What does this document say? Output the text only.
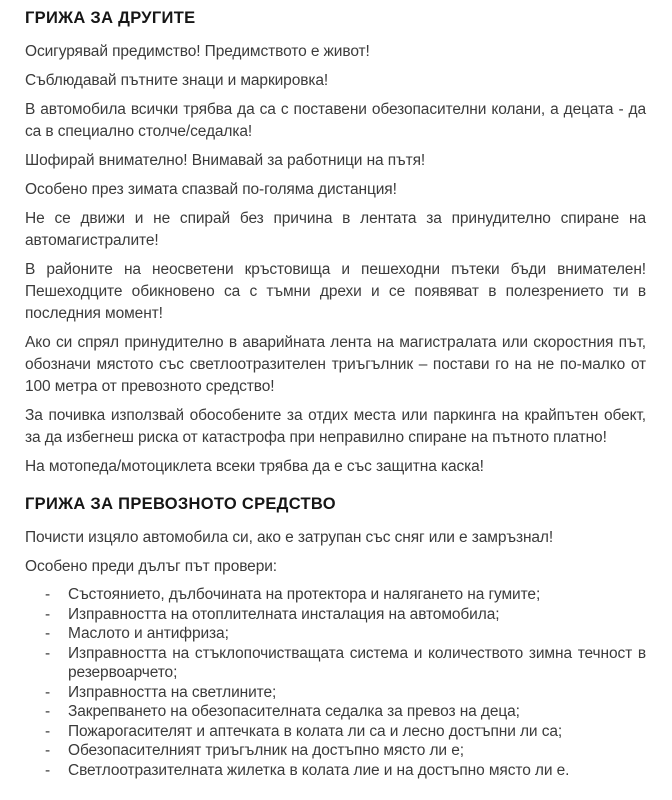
ГРИЖА ЗА ДРУГИТЕ

Осигурявай предимство! Предимството е живот!

Съблюдавай пътните знаци и маркировка!

В автомобила всички трябва да са с поставени обезопасителни колани, а децата - да са в специално столче/седалка!

Шофирай внимателно! Внимавай за работници на пътя!

Особено през зимата спазвай по-голяма дистанция!

Не се движи и не спирай без причина в лентата за принудително спиране на автомагистралите!

В районите на неосветени кръстовища и пешеходни пътеки бъди внимателен! Пешеходците обикновено са с тъмни дрехи и се появяват в полезрението ти в последния момент!

Ако си спрял принудително в аварийната лента на магистралата или скоростния път, обозначи мястото със светлоотразителен триъгълник – постави го на не по-малко от 100 метра от превозното средство!

За почивка използвай обособените за отдих места или паркинга на крайпътен обект, за да избегнеш риска от катастрофа при неправилно спиране на пътното платно!

На мотопеда/мотоциклета всеки трябва да е със защитна каска!

ГРИЖА ЗА ПРЕВОЗНОТО СРЕДСТВО

Почисти изцяло автомобила си, ако е затрупан със сняг или е замръзнал!

Особено преди дълъг път провери:

- Състоянието, дълбочината на протектора и налягането на гумите;
- Изправността на отоплителната инсталация на автомобила;
- Маслото и антифриза;
- Изправността на стъклопочистващата система и количеството зимна течност в резервоарчето;
- Изправността на светлините;
- Закрепването на обезопасителната седалка за превоз на деца;
- Пожарогасителят и аптечката в колата ли са и лесно достъпни ли са;
- Обезопасителният триъгълник на достъпно място ли е;
- Светлоотразителната жилетка в колата лие и на достъпно място ли е.
